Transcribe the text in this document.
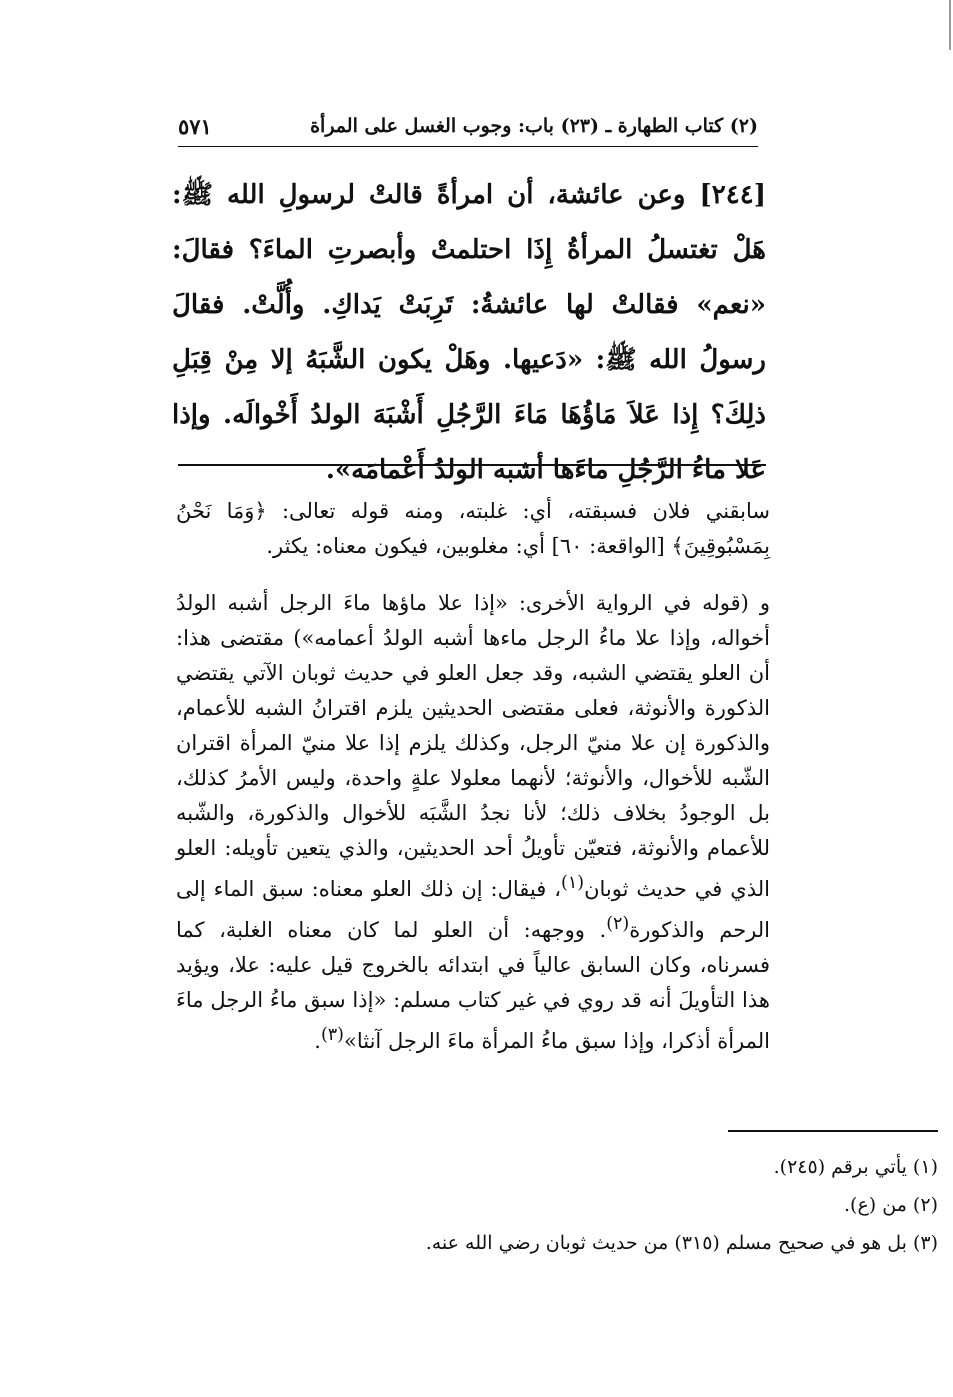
(٢) كتاب الطهارة ـ (٢٣) باب: وجوب الغسل على المرأة
٥٧١

[٢٤٤] وعن عائشة، أن امرأةً قالتْ لرسولِ الله ﷺ: هَلْ تغتسلُ المرأةُ إِذَا احتلمتْ وأبصرتِ الماءَ؟ فقالَ: «نعم» فقالتْ لها عائشةُ: تَرِبَتْ يَداكِ. وأُلَّتْ. فقالَ رسولُ الله ﷺ: «دَعيها. وهَلْ يكون الشَّبَهُ إلا مِنْ قِبَلِ ذلِكَ؟ إِذا عَلاَ مَاؤُهَا مَاءَ الرَّجُلِ أَشْبَهَ الولدُ أَخْوالَه. وإذا عَلا ماءُ الرَّجُلِ ماءَها أشبه الولدُ أَعْمامَه».

سابقني فلان فسبقته، أي: غلبته، ومنه قوله تعالى: ﴿وَمَا نَحْنُ بِمَسْبُوقِينَ﴾ [الواقعة: ٦٠] أي: مغلوبين، فيكون معناه: يكثر.

و (قوله في الرواية الأخرى: «إذا علا ماؤها ماءَ الرجل أشبه الولدُ أخواله، وإذا علا ماءُ الرجل ماءها أشبه الولدُ أعمامه») مقتضى هذا: أن العلو يقتضي الشبه، وقد جعل العلو في حديث ثوبان الآتي يقتضي الذكورة والأنوثة، فعلى مقتضى الحديثين يلزم اقترانُ الشبه للأعمام، والذكورة إن علا منيّ الرجل، وكذلك يلزم إذا علا منيّ المرأة اقتران الشّبه للأخوال، والأنوثة؛ لأنهما معلولا علةٍ واحدة، وليس الأمرُ كذلك، بل الوجودُ بخلاف ذلك؛ لأنا نجدُ الشَّبَه للأخوال والذكورة، والشّبه للأعمام والأنوثة، فتعيّن تأويلُ أحد الحديثين، والذي يتعين تأويله: العلو الذي في حديث ثوبان$^{(١)}$، فيقال: إن ذلك العلو معناه: سبق الماء إلى الرحم والذكورة$^{(٢)}$. ووجهه: أن العلو لما كان معناه الغلبة، كما فسرناه، وكان السابق عالياً في ابتدائه بالخروج قيل عليه: علا، ويؤيد هذا التأويلَ أنه قد روي في غير كتاب مسلم: «إذا سبق ماءُ الرجل ماءَ المرأة أذكرا، وإذا سبق ماءُ المرأة ماءَ الرجل آنثا»$^{(٣)}$.

(١) يأتي برقم (٢٤٥).
(٢) من (ع).
(٣) بل هو في صحيح مسلم (٣١٥) من حديث ثوبان رضي الله عنه.
